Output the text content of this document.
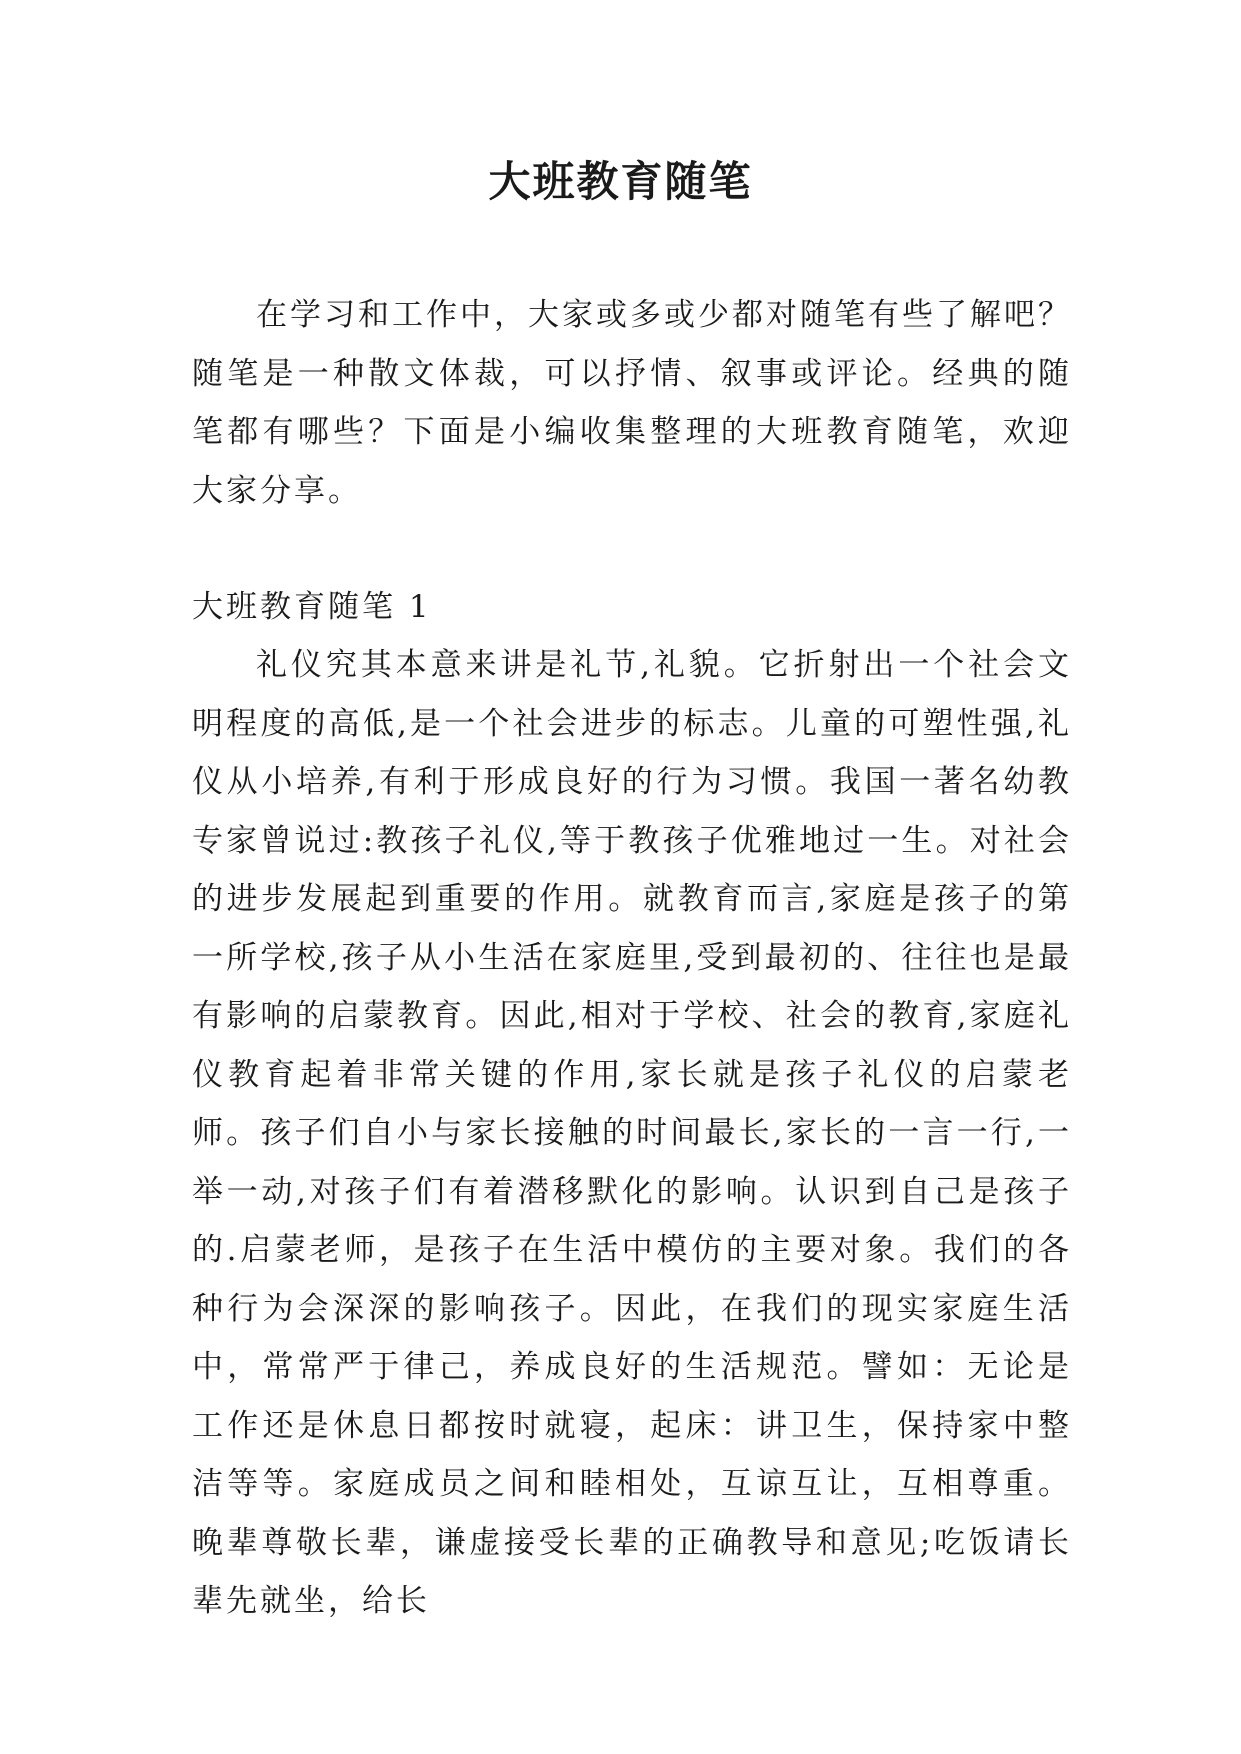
大班教育随笔

在学习和工作中，大家或多或少都对随笔有些了解吧？随笔是一种散文体裁，可以抒情、叙事或评论。经典的随笔都有哪些？下面是小编收集整理的大班教育随笔，欢迎大家分享。

大班教育随笔 1

礼仪究其本意来讲是礼节,礼貌。它折射出一个社会文明程度的高低,是一个社会进步的标志。儿童的可塑性强,礼仪从小培养,有利于形成良好的行为习惯。我国一著名幼教专家曾说过:教孩子礼仪,等于教孩子优雅地过一生。对社会的进步发展起到重要的作用。就教育而言,家庭是孩子的第一所学校,孩子从小生活在家庭里,受到最初的、往往也是最有影响的启蒙教育。因此,相对于学校、社会的教育,家庭礼仪教育起着非常关键的作用,家长就是孩子礼仪的启蒙老师。孩子们自小与家长接触的时间最长,家长的一言一行,一举一动,对孩子们有着潜移默化的影响。认识到自己是孩子的.启蒙老师，是孩子在生活中模仿的主要对象。我们的各种行为会深深的影响孩子。因此，在我们的现实家庭生活中，常常严于律己，养成良好的生活规范。譬如：无论是工作还是休息日都按时就寝，起床：讲卫生，保持家中整洁等等。家庭成员之间和睦相处，互谅互让，互相尊重。晚辈尊敬长辈，谦虚接受长辈的正确教导和意见;吃饭请长辈先就坐，给长
